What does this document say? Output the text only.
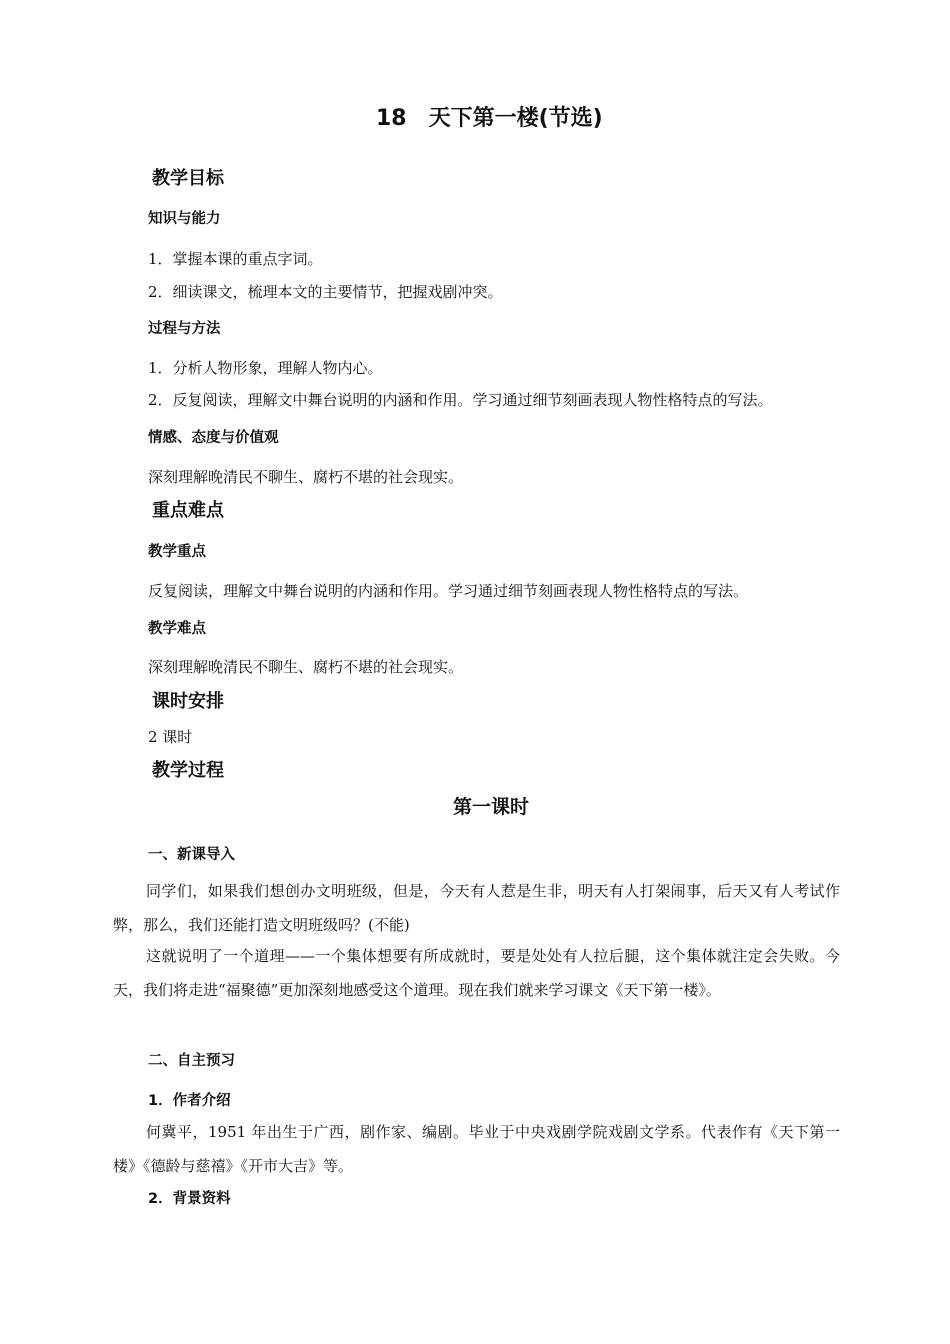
18　天下第一楼(节选)
教学目标
知识与能力
1．掌握本课的重点字词。
2．细读课文，梳理本文的主要情节，把握戏剧冲突。
过程与方法
1．分析人物形象，理解人物内心。
2．反复阅读，理解文中舞台说明的内涵和作用。学习通过细节刻画表现人物性格特点的写法。
情感、态度与价值观
深刻理解晚清民不聊生、腐朽不堪的社会现实。
重点难点
教学重点
反复阅读，理解文中舞台说明的内涵和作用。学习通过细节刻画表现人物性格特点的写法。
教学难点
深刻理解晚清民不聊生、腐朽不堪的社会现实。
课时安排
2 课时
教学过程
第一课时
一、新课导入

同学们，如果我们想创办文明班级，但是，今天有人惹是生非，明天有人打架闹事，后天又有人考试作弊，那么，我们还能打造文明班级吗？(不能)

这就说明了一个道理——一个集体想要有所成就时，要是处处有人拉后腿，这个集体就注定会失败。今天，我们将走进“福聚德”更加深刻地感受这个道理。现在我们就来学习课文《天下第一楼》。

二、自主预习
1．作者介绍

何冀平，1951 年出生于广西，剧作家、编剧。毕业于中央戏剧学院戏剧文学系。代表作有《天下第一楼》《德龄与慈禧》《开市大吉》等。

2．背景资料
